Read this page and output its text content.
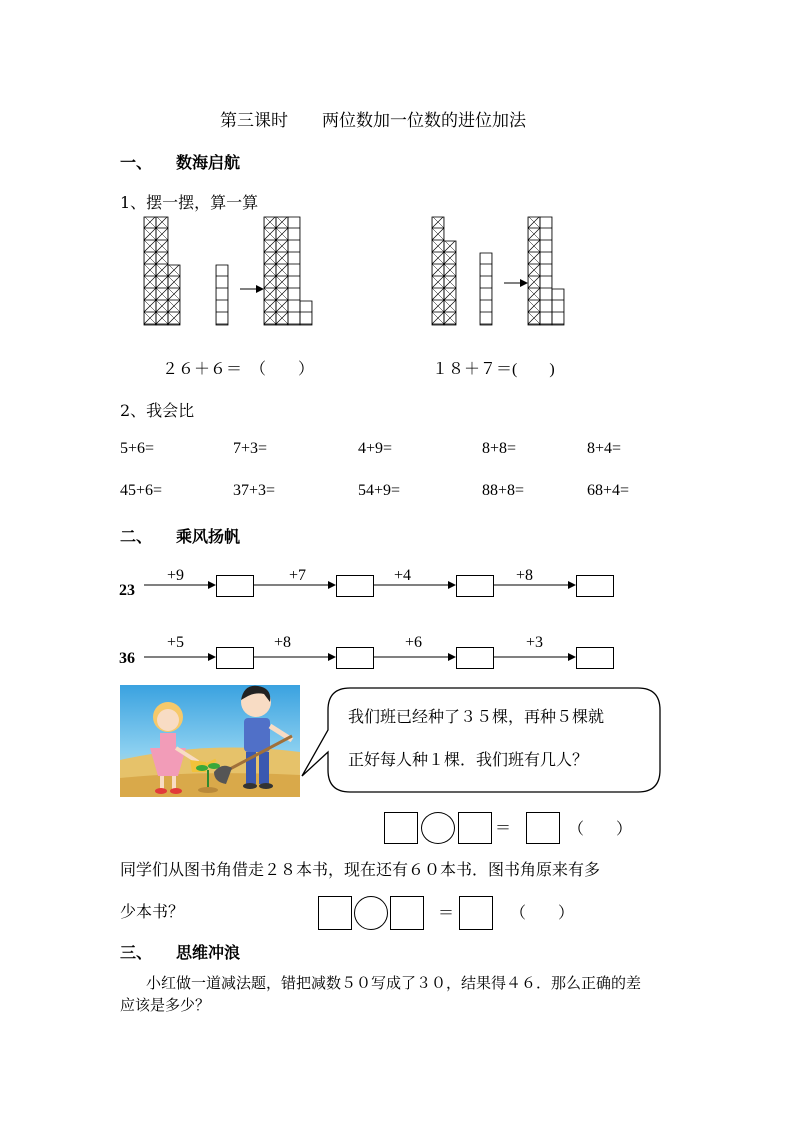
第三课时　　两位数加一位数的进位加法
一、 数海启航
1、摆一摆，算一算
２６＋６＝　（　　）	１８＋７＝(　　)
2、我会比
5+6=	7+3=	4+9=	8+8=	8+4=
45+6=	37+3=	54+9=	88+8=	68+4=
二、 乘风扬帆
23
+9	+7	+4	+8
36
+5	+8	+6	+3
我们班已经种了３５棵，再种５棵就
正好每人种１棵．我们班有几人？
＝	（　　）
同学们从图书角借走２８本书，现在还有６０本书．图书角原来有多
少本书？	＝	（　　）
三、 思维冲浪
小红做一道减法题，错把减数５０写成了３０，结果得４６．那么正确的差
应该是多少？
